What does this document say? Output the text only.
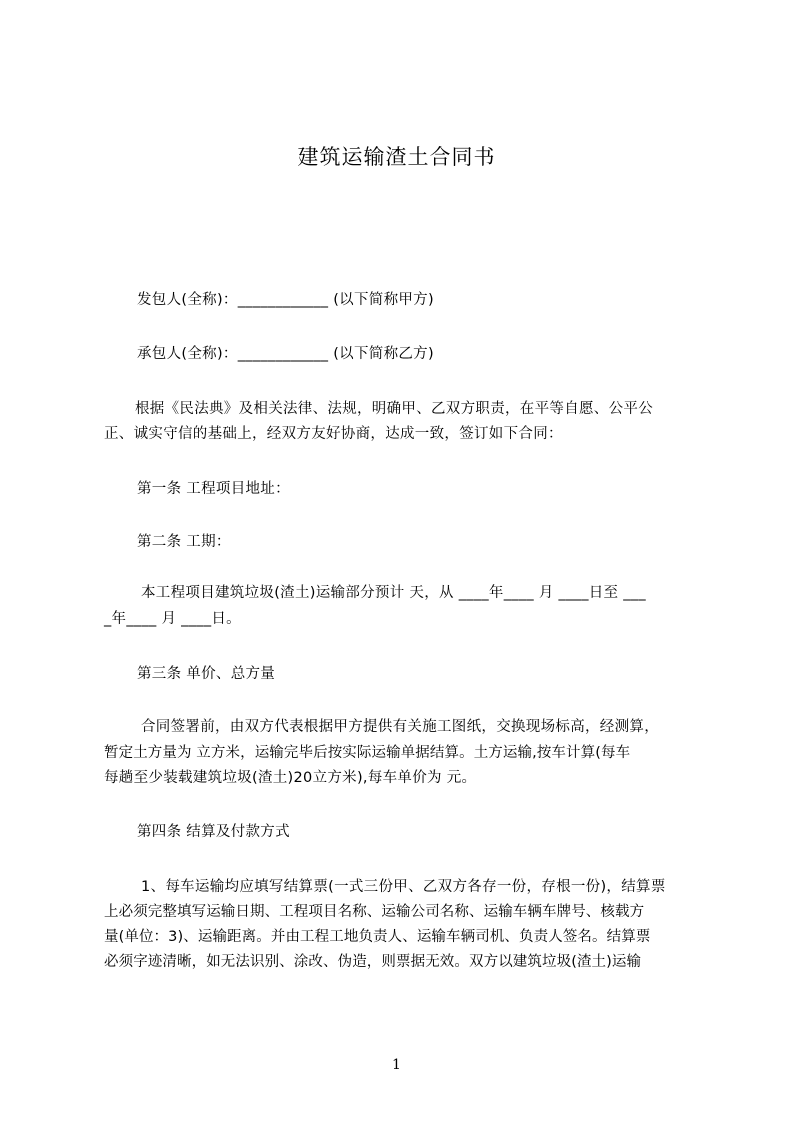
建筑运输渣土合同书
发包人(全称)：____________ (以下简称甲方)
承包人(全称)：____________ (以下简称乙方)
根据《民法典》及相关法律、法规，明确甲、乙双方职责，在平等自愿、公平公
正、诚实守信的基础上，经双方友好协商，达成一致，签订如下合同：
第一条 工程项目地址：
第二条 工期：
本工程项目建筑垃圾(渣土)运输部分预计 天，从 ____年____ 月 ____日至 ___
_年____ 月 ____日。
第三条 单价、总方量
合同签署前，由双方代表根据甲方提供有关施工图纸，交换现场标高，经测算，
暂定土方量为 立方米，运输完毕后按实际运输单据结算。土方运输,按车计算(每车
每趟至少装载建筑垃圾(渣土)20立方米),每车单价为 元。
第四条 结算及付款方式
1、每车运输均应填写结算票(一式三份甲、乙双方各存一份，存根一份)，结算票
上必须完整填写运输日期、工程项目名称、运输公司名称、运输车辆车牌号、核载方
量(单位：3)、运输距离。并由工程工地负责人、运输车辆司机、负责人签名。结算票
必须字迹清晰，如无法识别、涂改、伪造，则票据无效。双方以建筑垃圾(渣土)运输
1
